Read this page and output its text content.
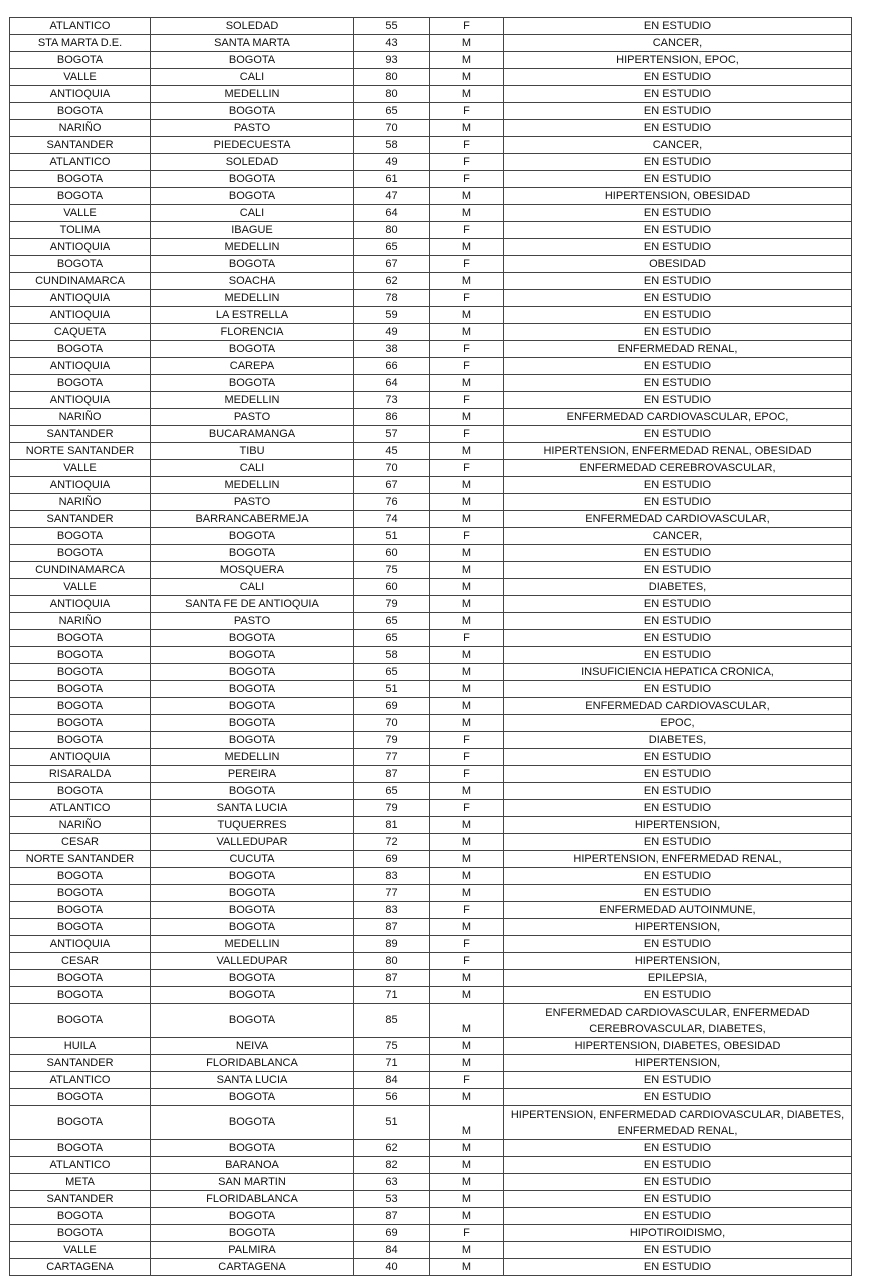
ATLANTICO	SOLEDAD	55	F	EN ESTUDIO
STA MARTA D.E.	SANTA MARTA	43	M	CANCER,
BOGOTA	BOGOTA	93	M	HIPERTENSION, EPOC,
VALLE	CALI	80	M	EN ESTUDIO
ANTIOQUIA	MEDELLIN	80	M	EN ESTUDIO
BOGOTA	BOGOTA	65	F	EN ESTUDIO
NARIÑO	PASTO	70	M	EN ESTUDIO
SANTANDER	PIEDECUESTA	58	F	CANCER,
ATLANTICO	SOLEDAD	49	F	EN ESTUDIO
BOGOTA	BOGOTA	61	F	EN ESTUDIO
BOGOTA	BOGOTA	47	M	HIPERTENSION, OBESIDAD
VALLE	CALI	64	M	EN ESTUDIO
TOLIMA	IBAGUE	80	F	EN ESTUDIO
ANTIOQUIA	MEDELLIN	65	M	EN ESTUDIO
BOGOTA	BOGOTA	67	F	OBESIDAD
CUNDINAMARCA	SOACHA	62	M	EN ESTUDIO
ANTIOQUIA	MEDELLIN	78	F	EN ESTUDIO
ANTIOQUIA	LA ESTRELLA	59	M	EN ESTUDIO
CAQUETA	FLORENCIA	49	M	EN ESTUDIO
BOGOTA	BOGOTA	38	F	ENFERMEDAD RENAL,
ANTIOQUIA	CAREPA	66	F	EN ESTUDIO
BOGOTA	BOGOTA	64	M	EN ESTUDIO
ANTIOQUIA	MEDELLIN	73	F	EN ESTUDIO
NARIÑO	PASTO	86	M	ENFERMEDAD CARDIOVASCULAR, EPOC,
SANTANDER	BUCARAMANGA	57	F	EN ESTUDIO
NORTE SANTANDER	TIBU	45	M	HIPERTENSION, ENFERMEDAD RENAL, OBESIDAD
VALLE	CALI	70	F	ENFERMEDAD CEREBROVASCULAR,
ANTIOQUIA	MEDELLIN	67	M	EN ESTUDIO
NARIÑO	PASTO	76	M	EN ESTUDIO
SANTANDER	BARRANCABERMEJA	74	M	ENFERMEDAD CARDIOVASCULAR,
BOGOTA	BOGOTA	51	F	CANCER,
BOGOTA	BOGOTA	60	M	EN ESTUDIO
CUNDINAMARCA	MOSQUERA	75	M	EN ESTUDIO
VALLE	CALI	60	M	DIABETES,
ANTIOQUIA	SANTA FE DE ANTIOQUIA	79	M	EN ESTUDIO
NARIÑO	PASTO	65	M	EN ESTUDIO
BOGOTA	BOGOTA	65	F	EN ESTUDIO
BOGOTA	BOGOTA	58	M	EN ESTUDIO
BOGOTA	BOGOTA	65	M	INSUFICIENCIA HEPATICA CRONICA,
BOGOTA	BOGOTA	51	M	EN ESTUDIO
BOGOTA	BOGOTA	69	M	ENFERMEDAD CARDIOVASCULAR,
BOGOTA	BOGOTA	70	M	EPOC,
BOGOTA	BOGOTA	79	F	DIABETES,
ANTIOQUIA	MEDELLIN	77	F	EN ESTUDIO
RISARALDA	PEREIRA	87	F	EN ESTUDIO
BOGOTA	BOGOTA	65	M	EN ESTUDIO
ATLANTICO	SANTA LUCIA	79	F	EN ESTUDIO
NARIÑO	TUQUERRES	81	M	HIPERTENSION,
CESAR	VALLEDUPAR	72	M	EN ESTUDIO
NORTE SANTANDER	CUCUTA	69	M	HIPERTENSION, ENFERMEDAD RENAL,
BOGOTA	BOGOTA	83	M	EN ESTUDIO
BOGOTA	BOGOTA	77	M	EN ESTUDIO
BOGOTA	BOGOTA	83	F	ENFERMEDAD AUTOINMUNE,
BOGOTA	BOGOTA	87	M	HIPERTENSION,
ANTIOQUIA	MEDELLIN	89	F	EN ESTUDIO
CESAR	VALLEDUPAR	80	F	HIPERTENSION,
BOGOTA	BOGOTA	87	M	EPILEPSIA,
BOGOTA	BOGOTA	71	M	EN ESTUDIO
BOGOTA	BOGOTA	85	M	ENFERMEDAD CARDIOVASCULAR, ENFERMEDAD CEREBROVASCULAR, DIABETES,
HUILA	NEIVA	75	M	HIPERTENSION, DIABETES, OBESIDAD
SANTANDER	FLORIDABLANCA	71	M	HIPERTENSION,
ATLANTICO	SANTA LUCIA	84	F	EN ESTUDIO
BOGOTA	BOGOTA	56	M	EN ESTUDIO
BOGOTA	BOGOTA	51	M	HIPERTENSION, ENFERMEDAD CARDIOVASCULAR, DIABETES, ENFERMEDAD RENAL,
BOGOTA	BOGOTA	62	M	EN ESTUDIO
ATLANTICO	BARANOA	82	M	EN ESTUDIO
META	SAN MARTIN	63	M	EN ESTUDIO
SANTANDER	FLORIDABLANCA	53	M	EN ESTUDIO
BOGOTA	BOGOTA	87	M	EN ESTUDIO
BOGOTA	BOGOTA	69	F	HIPOTIROIDISMO,
VALLE	PALMIRA	84	M	EN ESTUDIO
CARTAGENA	CARTAGENA	40	M	EN ESTUDIO
